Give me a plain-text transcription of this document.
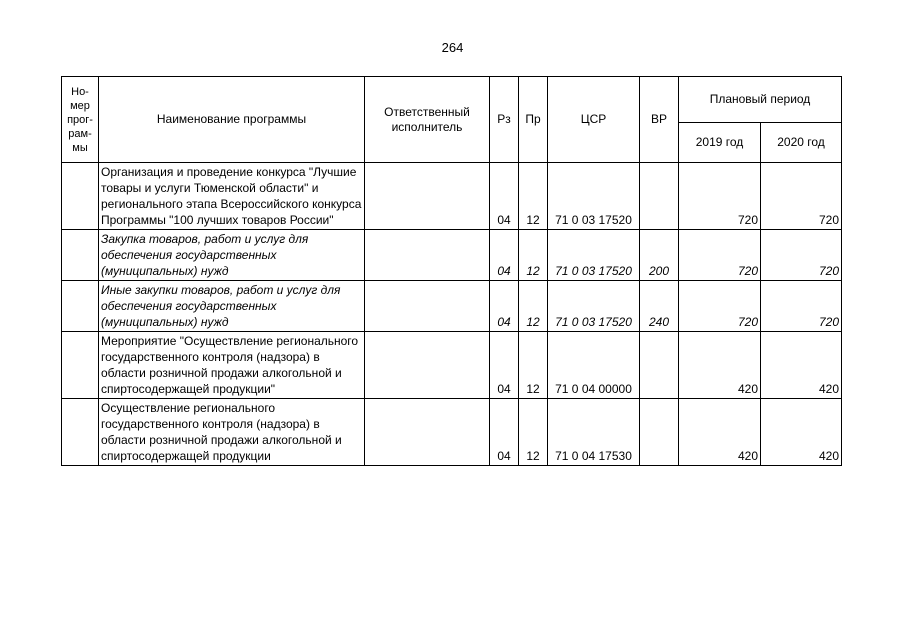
264
Но-мер прог-рам-мы	Наименование программы	Ответственный исполнитель	Рз	Пр	ЦСР	ВР	Плановый период	
							2019 год	2020 год
	Организация и проведение конкурса "Лучшие товары и услуги Тюменской области" и регионального этапа Всероссийского конкурса Программы "100 лучших товаров России"		04	12	71 0 03 17520		720	720
	Закупка товаров, работ и услуг для обеспечения государственных (муниципальных) нужд		04	12	71 0 03 17520	200	720	720
	Иные закупки товаров, работ и услуг для обеспечения государственных (муниципальных) нужд		04	12	71 0 03 17520	240	720	720
	Мероприятие "Осуществление регионального государственного контроля (надзора) в области розничной продажи алкогольной и спиртосодержащей продукции"		04	12	71 0 04 00000		420	420
	Осуществление регионального государственного контроля (надзора) в области розничной продажи алкогольной и спиртосодержащей продукции		04	12	71 0 04 17530		420	420
